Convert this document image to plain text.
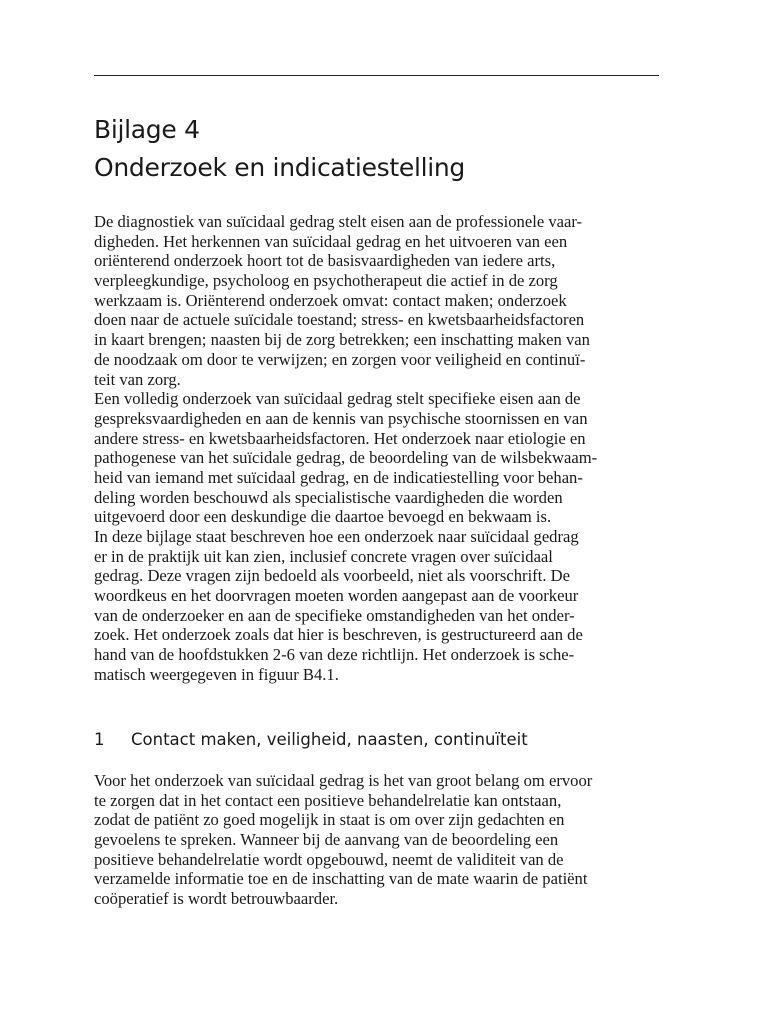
Bijlage 4
Onderzoek en indicatiestelling
De diagnostiek van suïcidaal gedrag stelt eisen aan de professionele vaar-
digheden. Het herkennen van suïcidaal gedrag en het uitvoeren van een
oriënterend onderzoek hoort tot de basisvaardigheden van iedere arts,
verpleegkundige, psycholoog en psychotherapeut die actief in de zorg
werkzaam is. Oriënterend onderzoek omvat: contact maken; onderzoek
doen naar de actuele suïcidale toestand; stress- en kwetsbaarheidsfactoren
in kaart brengen; naasten bij de zorg betrekken; een inschatting maken van
de noodzaak om door te verwijzen; en zorgen voor veiligheid en continuï-
teit van zorg.
Een volledig onderzoek van suïcidaal gedrag stelt specifieke eisen aan de
gespreksvaardigheden en aan de kennis van psychische stoornissen en van
andere stress- en kwetsbaarheidsfactoren. Het onderzoek naar etiologie en
pathogenese van het suïcidale gedrag, de beoordeling van de wilsbekwaam-
heid van iemand met suïcidaal gedrag, en de indicatiestelling voor behan-
deling worden beschouwd als specialistische vaardigheden die worden
uitgevoerd door een deskundige die daartoe bevoegd en bekwaam is.
In deze bijlage staat beschreven hoe een onderzoek naar suïcidaal gedrag
er in de praktijk uit kan zien, inclusief concrete vragen over suïcidaal
gedrag. Deze vragen zijn bedoeld als voorbeeld, niet als voorschrift. De
woordkeus en het doorvragen moeten worden aangepast aan de voorkeur
van de onderzoeker en aan de specifieke omstandigheden van het onder-
zoek. Het onderzoek zoals dat hier is beschreven, is gestructureerd aan de
hand van de hoofdstukken 2-6 van deze richtlijn. Het onderzoek is sche-
matisch weergegeven in figuur B4.1.
1 Contact maken, veiligheid, naasten, continuïteit
Voor het onderzoek van suïcidaal gedrag is het van groot belang om ervoor
te zorgen dat in het contact een positieve behandelrelatie kan ontstaan,
zodat de patiënt zo goed mogelijk in staat is om over zijn gedachten en
gevoelens te spreken. Wanneer bij de aanvang van de beoordeling een
positieve behandelrelatie wordt opgebouwd, neemt de validiteit van de
verzamelde informatie toe en de inschatting van de mate waarin de patiënt
coöperatief is wordt betrouwbaarder.
